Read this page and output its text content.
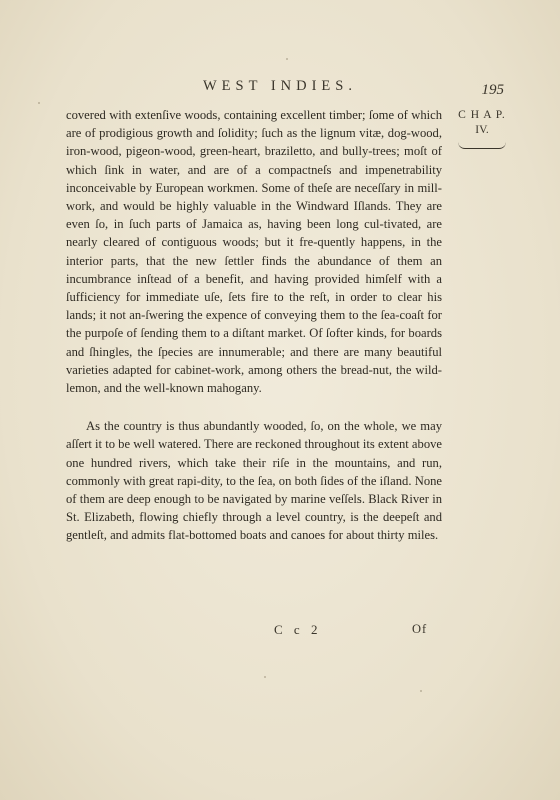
WEST INDIES.	195
C H A P.
IV.

covered with extenſive woods, containing excellent timber; ſome of which are of prodigious growth and ſolidity; ſuch as the lignum vitæ, dog-wood, iron-wood, pigeon-wood, green-heart, braziletto, and bully-trees; moſt of which ſink in water, and are of a compactneſs and impenetrability inconceivable by European workmen. Some of theſe are neceſſary in mill-work, and would be highly valuable in the Windward Iſlands. They are even ſo, in ſuch parts of Jamaica as, having been long cul-tivated, are nearly cleared of contiguous woods; but it fre-quently happens, in the interior parts, that the new ſettler finds the abundance of them an incumbrance inſtead of a benefit, and having provided himſelf with a ſufficiency for immediate uſe, ſets fire to the reſt, in order to clear his lands; it not an-ſwering the expence of conveying them to the ſea-coaſt for the purpoſe of ſending them to a diſtant market. Of ſofter kinds, for boards and ſhingles, the ſpecies are innumerable; and there are many beautiful varieties adapted for cabinet-work, among others the bread-nut, the wild-lemon, and the well-known mahogany.

As the country is thus abundantly wooded, ſo, on the whole, we may aſſert it to be well watered. There are reckoned throughout its extent above one hundred rivers, which take their riſe in the mountains, and run, commonly with great rapi-dity, to the ſea, on both ſides of the iſland. None of them are deep enough to be navigated by marine veſſels. Black River in St. Elizabeth, flowing chiefly through a level country, is the deepeſt and gentleſt, and admits flat-bottomed boats and canoes for about thirty miles.

C c 2	Of
